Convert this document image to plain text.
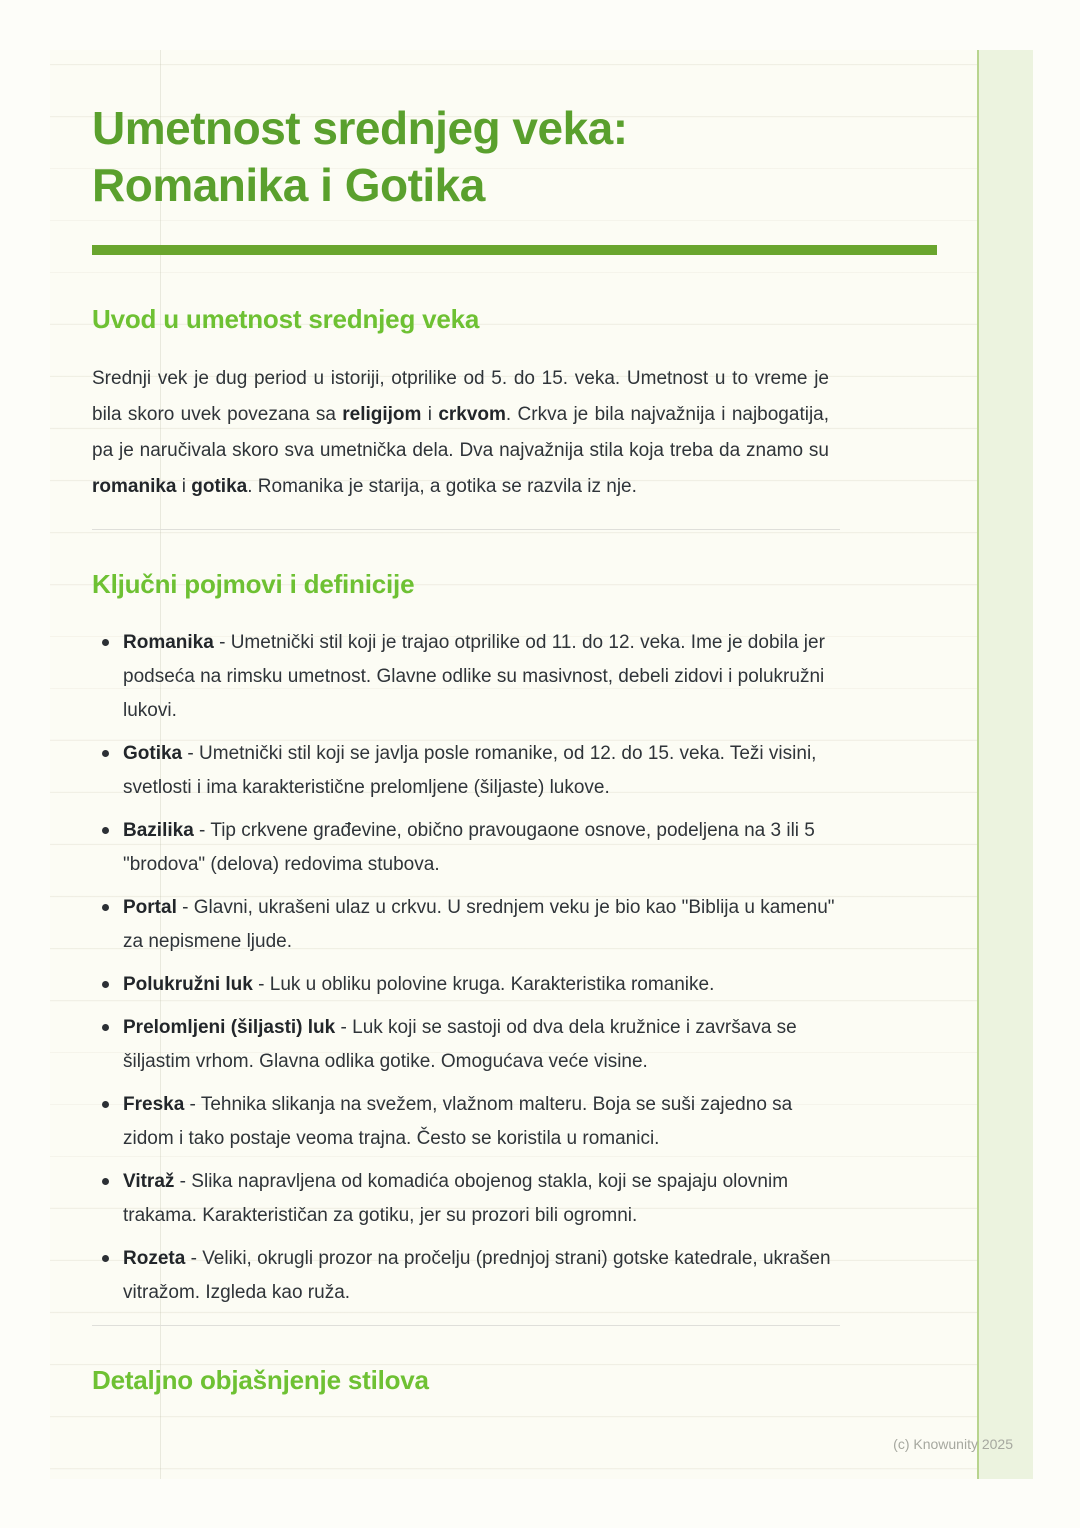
Umetnost srednjeg veka:
Romanika i Gotika
Uvod u umetnost srednjeg veka

Srednji vek je dug period u istoriji, otprilike od 5. do 15. veka. Umetnost u to vreme je bila skoro uvek povezana sa religijom i crkvom. Crkva je bila najvažnija i najbogatija, pa je naručivala skoro sva umetnička dela. Dva najvažnija stila koja treba da znamo su romanika i gotika. Romanika je starija, a gotika se razvila iz nje.

Ključni pojmovi i definicije
Romanika - Umetnički stil koji je trajao otprilike od 11. do 12. veka. Ime je dobila jer podseća na rimsku umetnost. Glavne odlike su masivnost, debeli zidovi i polukružni lukovi.
Gotika - Umetnički stil koji se javlja posle romanike, od 12. do 15. veka. Teži visini, svetlosti i ima karakteristične prelomljene (šiljaste) lukove.
Bazilika - Tip crkvene građevine, obično pravougaone osnove, podeljena na 3 ili 5 "brodova" (delova) redovima stubova.
Portal - Glavni, ukrašeni ulaz u crkvu. U srednjem veku je bio kao "Biblija u kamenu" za nepismene ljude.
Polukružni luk - Luk u obliku polovine kruga. Karakteristika romanike.
Prelomljeni (šiljasti) luk - Luk koji se sastoji od dva dela kružnice i završava se šiljastim vrhom. Glavna odlika gotike. Omogućava veće visine.
Freska - Tehnika slikanja na svežem, vlažnom malteru. Boja se suši zajedno sa zidom i tako postaje veoma trajna. Često se koristila u romanici.
Vitraž - Slika napravljena od komadića obojenog stakla, koji se spajaju olovnim trakama. Karakterističan za gotiku, jer su prozori bili ogromni.
Rozeta - Veliki, okrugli prozor na pročelju (prednjoj strani) gotske katedrale, ukrašen vitražom. Izgleda kao ruža.
Detaljno objašnjenje stilova
(c) Knowunity 2025
